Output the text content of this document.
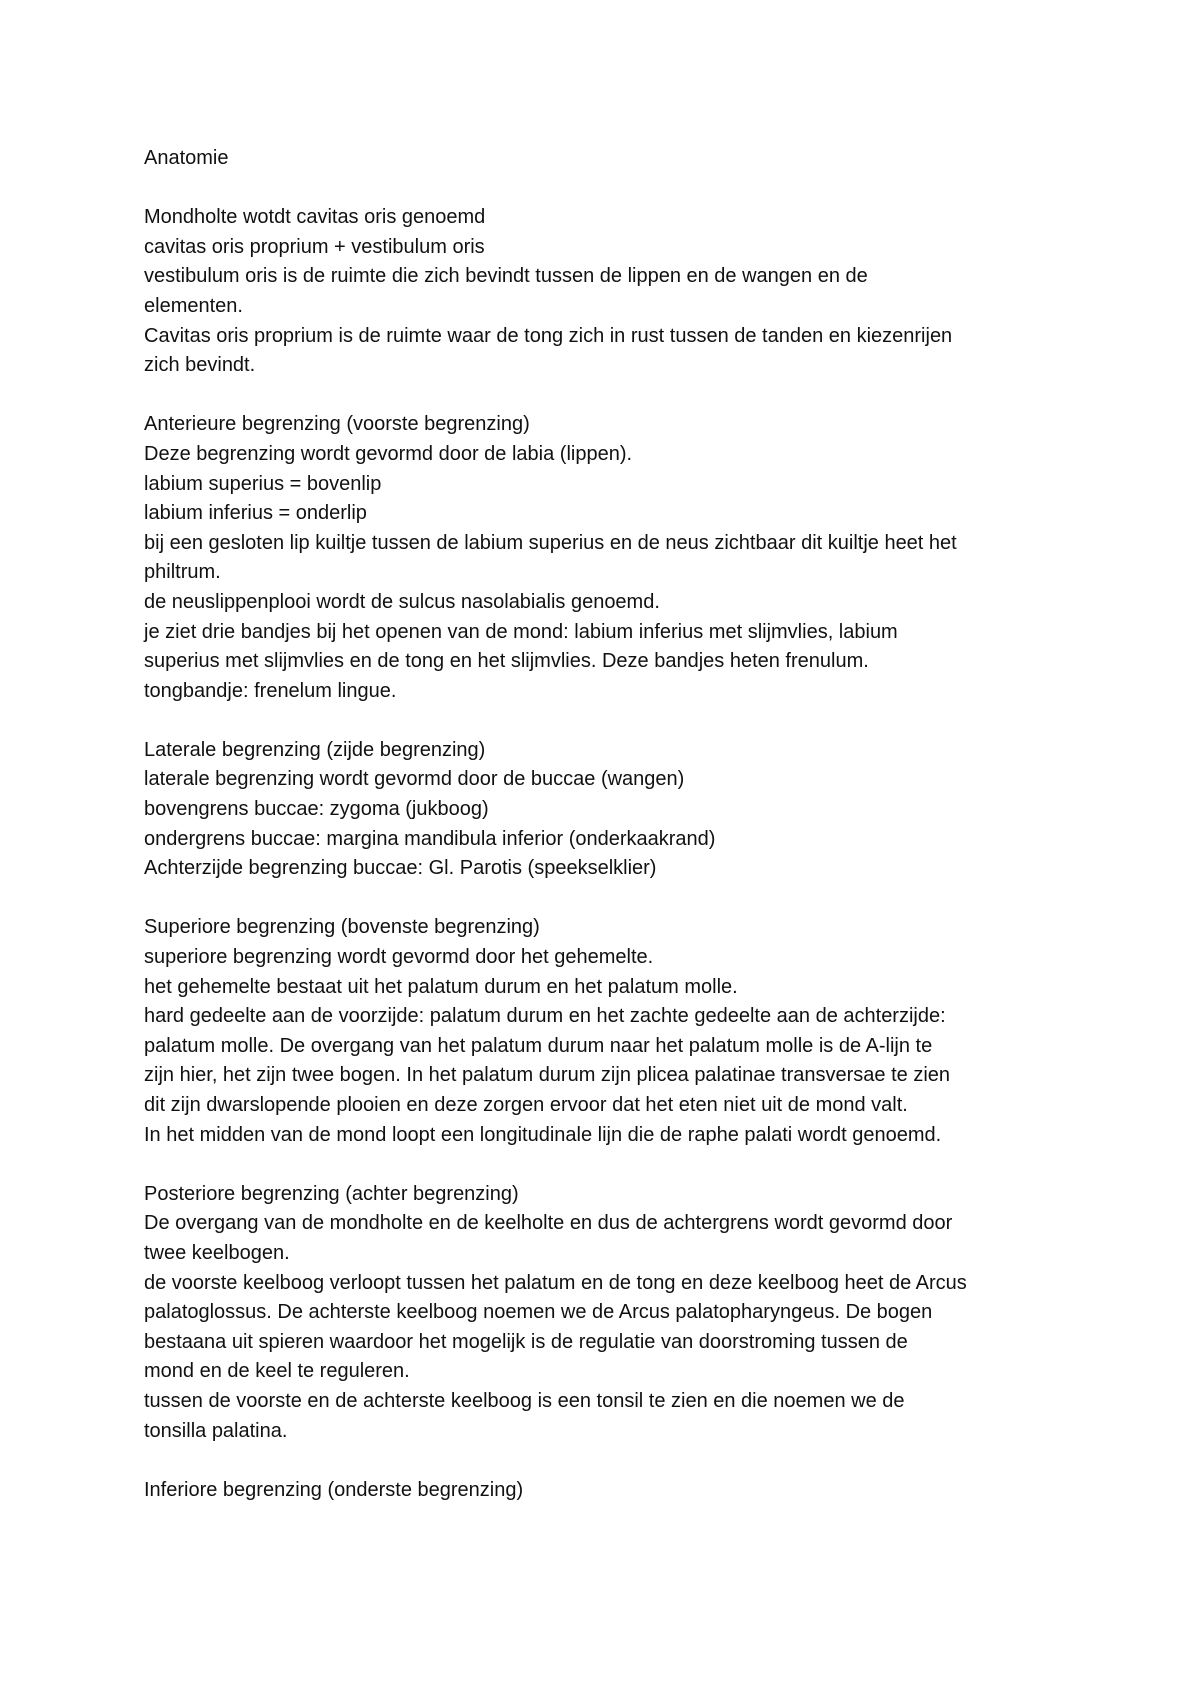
Anatomie

Mondholte wotdt cavitas oris genoemd

cavitas oris proprium + vestibulum oris

vestibulum oris is de ruimte die zich bevindt tussen de lippen en de wangen en de

elementen.

Cavitas oris proprium is de ruimte waar de tong zich in rust tussen de tanden en kiezenrijen

zich bevindt.

Anterieure begrenzing (voorste begrenzing)

Deze begrenzing wordt gevormd door de labia (lippen).

labium superius = bovenlip

labium inferius = onderlip

bij een gesloten lip kuiltje tussen de labium superius en de neus zichtbaar dit kuiltje heet het

philtrum.

de neuslippenplooi wordt de sulcus nasolabialis genoemd.

je ziet drie bandjes bij het openen van de mond: labium inferius met slijmvlies, labium

superius met slijmvlies en de tong en het slijmvlies. Deze bandjes heten frenulum.

tongbandje: frenelum lingue.

Laterale begrenzing (zijde begrenzing)

laterale begrenzing wordt gevormd door de buccae (wangen)

bovengrens buccae: zygoma (jukboog)

ondergrens buccae: margina mandibula inferior (onderkaakrand)

Achterzijde begrenzing buccae: Gl. Parotis (speekselklier)

Superiore begrenzing (bovenste begrenzing)

superiore begrenzing wordt gevormd door het gehemelte.

het gehemelte bestaat uit het palatum durum en het palatum molle.

hard gedeelte aan de voorzijde: palatum durum en het zachte gedeelte aan de achterzijde:

palatum molle. De overgang van het palatum durum naar het palatum molle is de A-lijn te

zijn hier, het zijn twee bogen. In het palatum durum zijn plicea palatinae transversae te zien

dit zijn dwarslopende plooien en deze zorgen ervoor dat het eten niet uit de mond valt.

In het midden van de mond loopt een longitudinale lijn die de raphe palati wordt genoemd.

Posteriore begrenzing (achter begrenzing)

De overgang van de mondholte en de keelholte en dus de achtergrens wordt gevormd door

twee keelbogen.

de voorste keelboog verloopt tussen het palatum en de tong en deze keelboog heet de Arcus

palatoglossus. De achterste keelboog noemen we de Arcus palatopharyngeus. De bogen

bestaana uit spieren waardoor het mogelijk is de regulatie van doorstroming tussen de

mond en de keel te reguleren.

tussen de voorste en de achterste keelboog is een tonsil te zien en die noemen we de

tonsilla palatina.

Inferiore begrenzing (onderste begrenzing)
